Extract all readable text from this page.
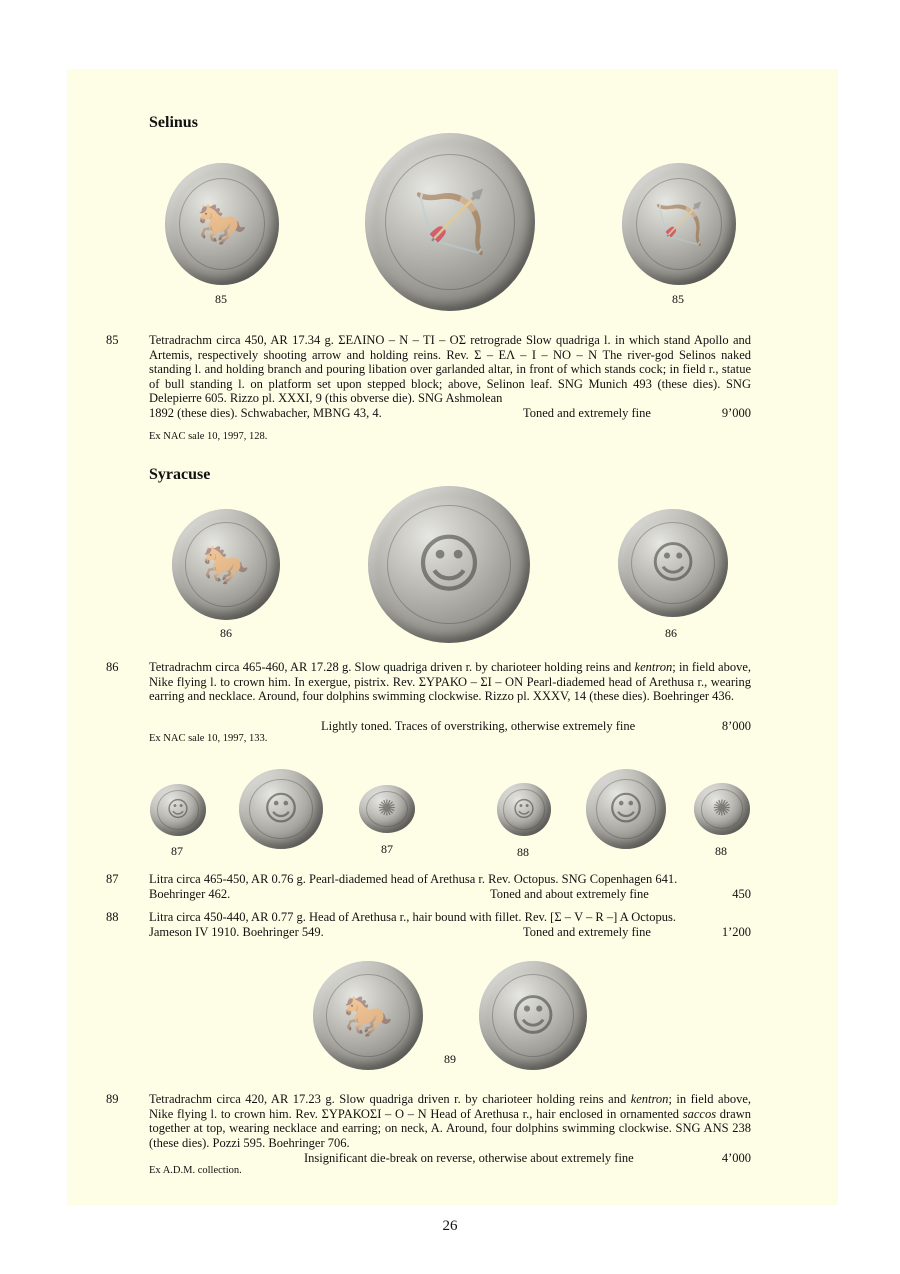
Selinus
🐎	🏹	🏹
85	85
85 Tetradrachm circa 450, AR 17.34 g. ΣΕΛΙΝΟ – Ν – ΤΙ – ΟΣ retrograde Slow quadriga l. in which stand Apollo and Artemis, respectively shooting arrow and holding reins. Rev. Σ – ΕΛ – Ι – ΝΟ – Ν The river-god Selinos naked standing l. and holding branch and pouring libation over garlanded altar, in front of which stands cock; in field r., statue of bull standing l. on platform set upon stepped block; above, Selinon leaf. SNG Munich 493 (these dies). SNG Delepierre 605. Rizzo pl. XXXI, 9 (this obverse die). SNG Ashmolean
1892 (these dies). Schwabacher, MBNG 43, 4.	Toned and extremely fine	9’000
Ex NAC sale 10, 1997, 128.
Syracuse
🐎	☺	☺
86	86
86 Tetradrachm circa 465-460, AR 17.28 g. Slow quadriga driven r. by charioteer holding reins and kentron; in field above, Nike flying l. to crown him. In exergue, pistrix. Rev. ΣΥΡΑΚΟ – ΣΙ – ΟΝ Pearl-diademed head of Arethusa r., wearing earring and necklace. Around, four dolphins swimming clockwise. Rizzo pl. XXXV, 14 (these dies). Boehringer 436.
Lightly toned. Traces of overstriking, otherwise extremely fine	8’000
Ex NAC sale 10, 1997, 133.
☺	☺	✺	☺	☺	✺
87	87	88	88
87 Litra circa 465-450, AR 0.76 g. Pearl-diademed head of Arethusa r. Rev. Octopus. SNG Copenhagen 641.
Boehringer 462.	Toned and about extremely fine	450
88 Litra circa 450-440, AR 0.77 g. Head of Arethusa r., hair bound with fillet. Rev. [Σ – V – R –] A Octopus.
Jameson IV 1910. Boehringer 549.	Toned and extremely fine	1’200
🐎	☺
89
89 Tetradrachm circa 420, AR 17.23 g. Slow quadriga driven r. by charioteer holding reins and kentron; in field above, Nike flying l. to crown him. Rev. ΣΥΡΑΚΟΣΙ – Ο – Ν Head of Arethusa r., hair enclosed in ornamented saccos drawn together at top, wearing necklace and earring; on neck, A. Around, four dolphins swimming clockwise. SNG ANS 238 (these dies). Pozzi 595. Boehringer 706.
Insignificant die-break on reverse, otherwise about extremely fine	4’000
Ex A.D.M. collection.
26
